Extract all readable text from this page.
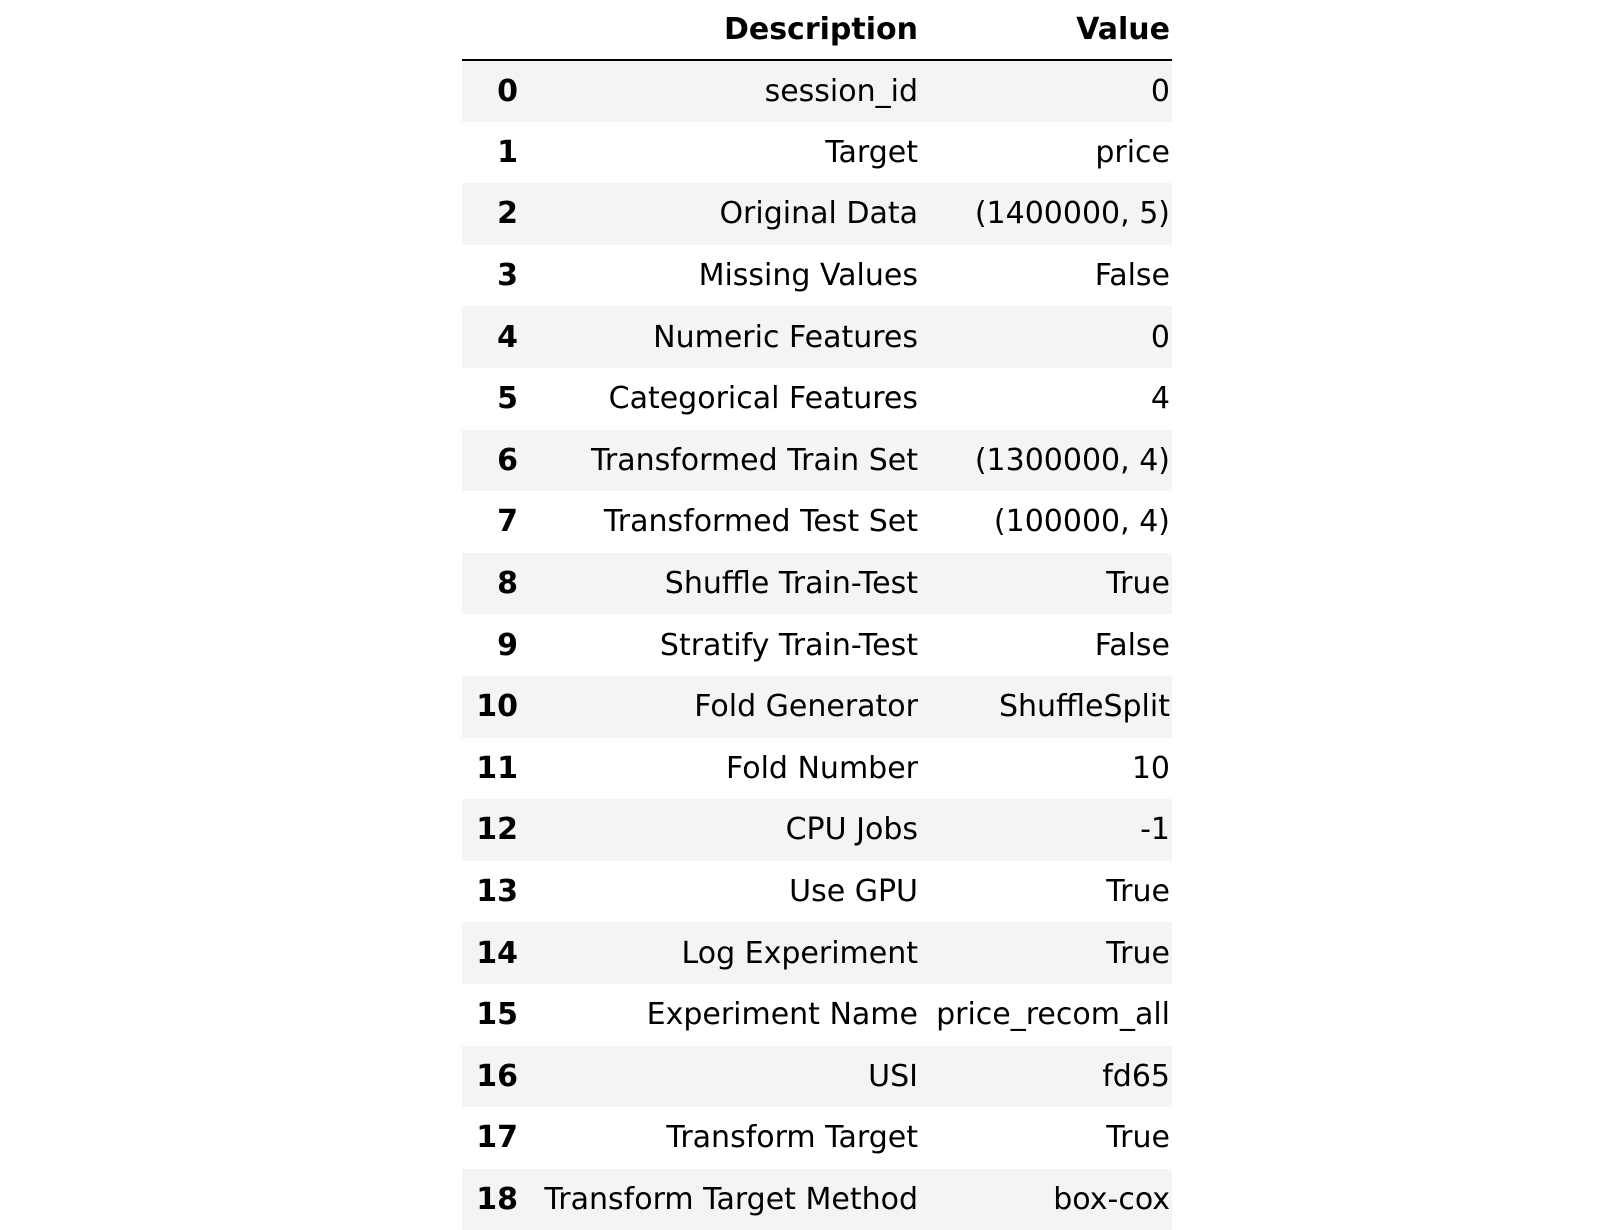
	Description	Value
0	session_id	0
1	Target	price
2	Original Data	(1400000, 5)
3	Missing Values	False
4	Numeric Features	0
5	Categorical Features	4
6	Transformed Train Set	(1300000, 4)
7	Transformed Test Set	(100000, 4)
8	Shuffle Train-Test	True
9	Stratify Train-Test	False
10	Fold Generator	ShuffleSplit
11	Fold Number	10
12	CPU Jobs	-1
13	Use GPU	True
14	Log Experiment	True
15	Experiment Name	price_recom_all
16	USI	fd65
17	Transform Target	True
18	Transform Target Method	box-cox
